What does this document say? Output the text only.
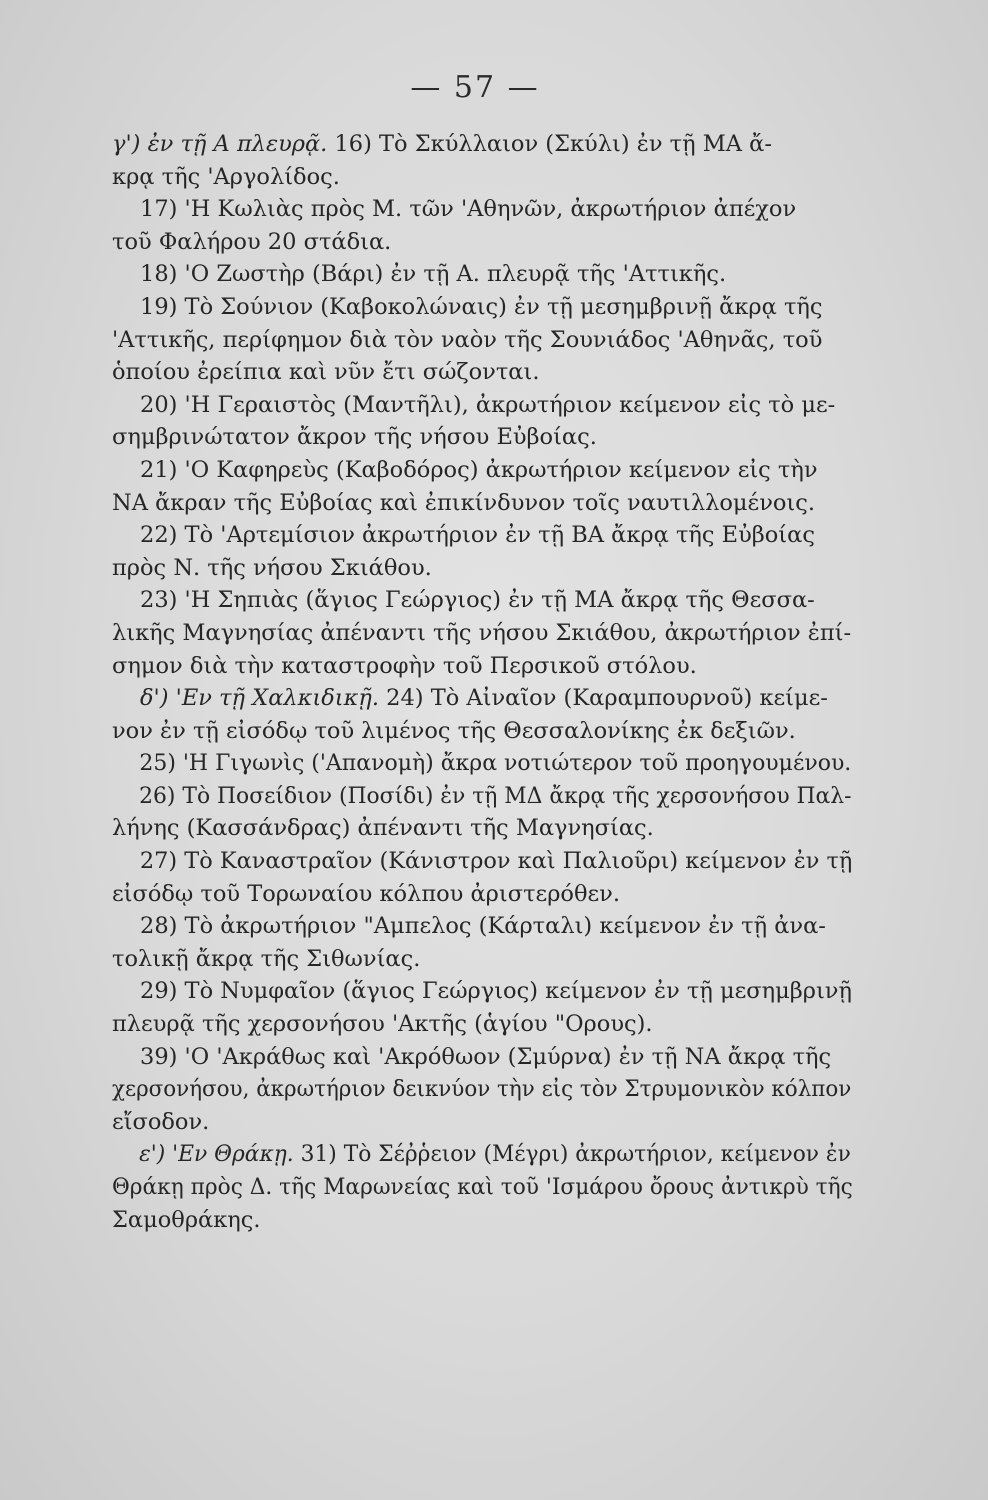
— 57 —
γ') ἐν τῇ Α πλευρᾷ. 16) Τὸ Σκύλλαιον (Σκύλι) ἐν τῇ ΜΑ ἄ-
κρᾳ τῆς 'Αργολίδος.
17) 'Η Κωλιὰς πρὸς Μ. τῶν 'Αθηνῶν, ἀκρωτήριον ἀπέχον
τοῦ Φαλήρου 20 στάδια.
18) 'Ο Ζωστὴρ (Βάρι) ἐν τῇ Α. πλευρᾷ τῆς 'Αττικῆς.
19) Τὸ Σούνιον (Καβοκολώναις) ἐν τῇ μεσημβρινῇ ἄκρᾳ τῆς
'Αττικῆς, περίφημον διὰ τὸν ναὸν τῆς Σουνιάδος 'Αθηνᾶς, τοῦ
ὁποίου ἐρείπια καὶ νῦν ἔτι σώζονται.
20) 'Η Γεραιστὸς (Μαντῆλι), ἀκρωτήριον κείμενον εἰς τὸ με-
σημβρινώτατον ἄκρον τῆς νήσου Εὐβοίας.
21) 'Ο Καφηρεὺς (Καβοδόρος) ἀκρωτήριον κείμενον εἰς τὴν
ΝΑ ἄκραν τῆς Εὐβοίας καὶ ἐπικίνδυνον τοῖς ναυτιλλομένοις.
22) Τὸ 'Αρτεμίσιον ἀκρωτήριον ἐν τῇ ΒΑ ἄκρᾳ τῆς Εὐβοίας
πρὸς Ν. τῆς νήσου Σκιάθου.
23) 'Η Σηπιὰς (ἅγιος Γεώργιος) ἐν τῇ ΜΑ ἄκρᾳ τῆς Θεσσα-
λικῆς Μαγνησίας ἀπέναντι τῆς νήσου Σκιάθου, ἀκρωτήριον ἐπί-
σημον διὰ τὴν καταστροφὴν τοῦ Περσικοῦ στόλου.
δ') 'Εν τῇ Χαλκιδικῇ. 24) Τὸ Αἰναῖον (Καραμπουρνοῦ) κείμε-
νον ἐν τῇ εἰσόδῳ τοῦ λιμένος τῆς Θεσσαλονίκης ἐκ δεξιῶν.
25) 'Η Γιγωνὶς ('Απανομὴ) ἄκρα νοτιώτερον τοῦ προηγουμένου.
26) Τὸ Ποσείδιον (Ποσίδι) ἐν τῇ ΜΔ ἄκρᾳ τῆς χερσονήσου Παλ-
λήνης (Κασσάνδρας) ἀπέναντι τῆς Μαγνησίας.
27) Τὸ Καναστραῖον (Κάνιστρον καὶ Παλιοῦρι) κείμενον ἐν τῇ
εἰσόδῳ τοῦ Τορωναίου κόλπου ἀριστερόθεν.
28) Τὸ ἀκρωτήριον "Αμπελος (Κάρταλι) κείμενον ἐν τῇ ἀνα-
τολικῇ ἄκρᾳ τῆς Σιθωνίας.
29) Τὸ Νυμφαῖον (ἅγιος Γεώργιος) κείμενον ἐν τῇ μεσημβρινῇ
πλευρᾷ τῆς χερσονήσου 'Ακτῆς (ἁγίου "Ορους).
39) 'Ο 'Ακράθως καὶ 'Ακρόθωον (Σμύρνα) ἐν τῇ ΝΑ ἄκρᾳ τῆς
χερσονήσου, ἀκρωτήριον δεικνύον τὴν εἰς τὸν Στρυμονικὸν κόλπον
εἴσοδον.
ε') 'Εν Θράκῃ. 31) Τὸ Σέῤῥειον (Μέγρι) ἀκρωτήριον, κείμενον ἐν
Θράκῃ πρὸς Δ. τῆς Μαρωνείας καὶ τοῦ 'Ισμάρου ὄρους ἀντικρὺ τῆς
Σαμοθράκης.
